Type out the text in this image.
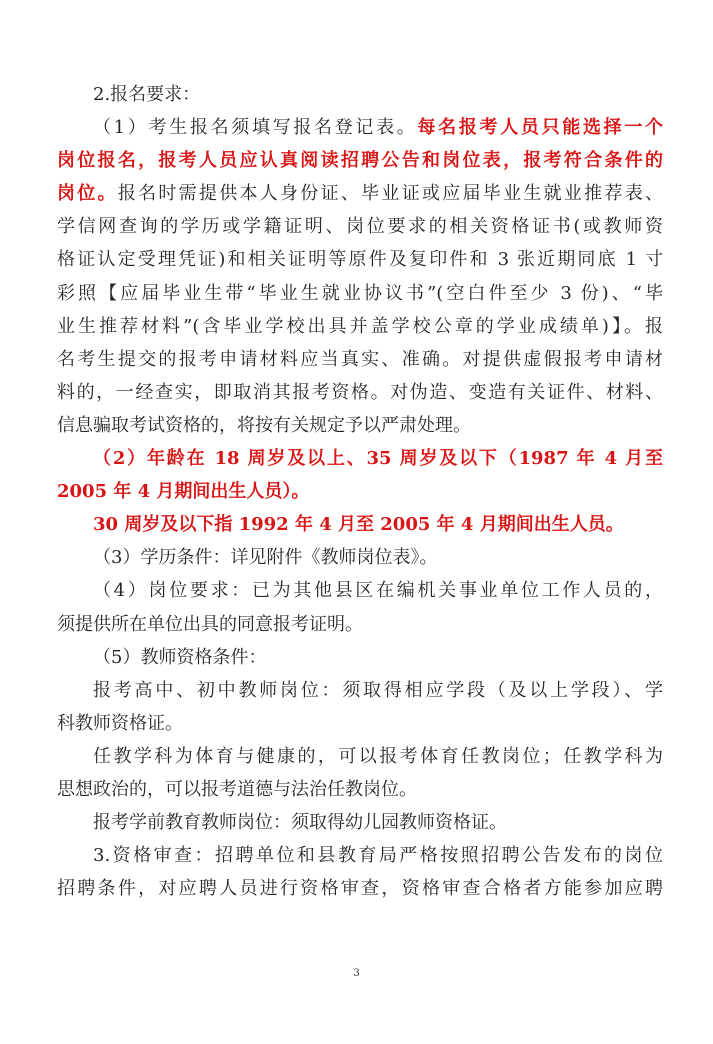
2.报名要求：
（1）考生报名须填写报名登记表。每名报考人员只能选择一个
岗位报名，报考人员应认真阅读招聘公告和岗位表，报考符合条件的
岗位。报名时需提供本人身份证、毕业证或应届毕业生就业推荐表、
学信网查询的学历或学籍证明、岗位要求的相关资格证书(或教师资
格证认定受理凭证)和相关证明等原件及复印件和 3 张近期同底 1 寸
彩照【应届毕业生带“毕业生就业协议书”(空白件至少 3 份)、“毕
业生推荐材料”(含毕业学校出具并盖学校公章的学业成绩单)】。报
名考生提交的报考申请材料应当真实、准确。对提供虚假报考申请材
料的，一经查实，即取消其报考资格。对伪造、变造有关证件、材料、
信息骗取考试资格的，将按有关规定予以严肃处理。
（2）年龄在 18 周岁及以上、35 周岁及以下（1987 年 4 月至
2005 年 4 月期间出生人员）。
30 周岁及以下指 1992 年 4 月至 2005 年 4 月期间出生人员。
（3）学历条件：详见附件《教师岗位表》。
（4）岗位要求：已为其他县区在编机关事业单位工作人员的，
须提供所在单位出具的同意报考证明。
（5）教师资格条件：
报考高中、初中教师岗位：须取得相应学段（及以上学段）、学
科教师资格证。
任教学科为体育与健康的，可以报考体育任教岗位；任教学科为
思想政治的，可以报考道德与法治任教岗位。
报考学前教育教师岗位：须取得幼儿园教师资格证。
3.资格审查：招聘单位和县教育局严格按照招聘公告发布的岗位
招聘条件，对应聘人员进行资格审查，资格审查合格者方能参加应聘
3
